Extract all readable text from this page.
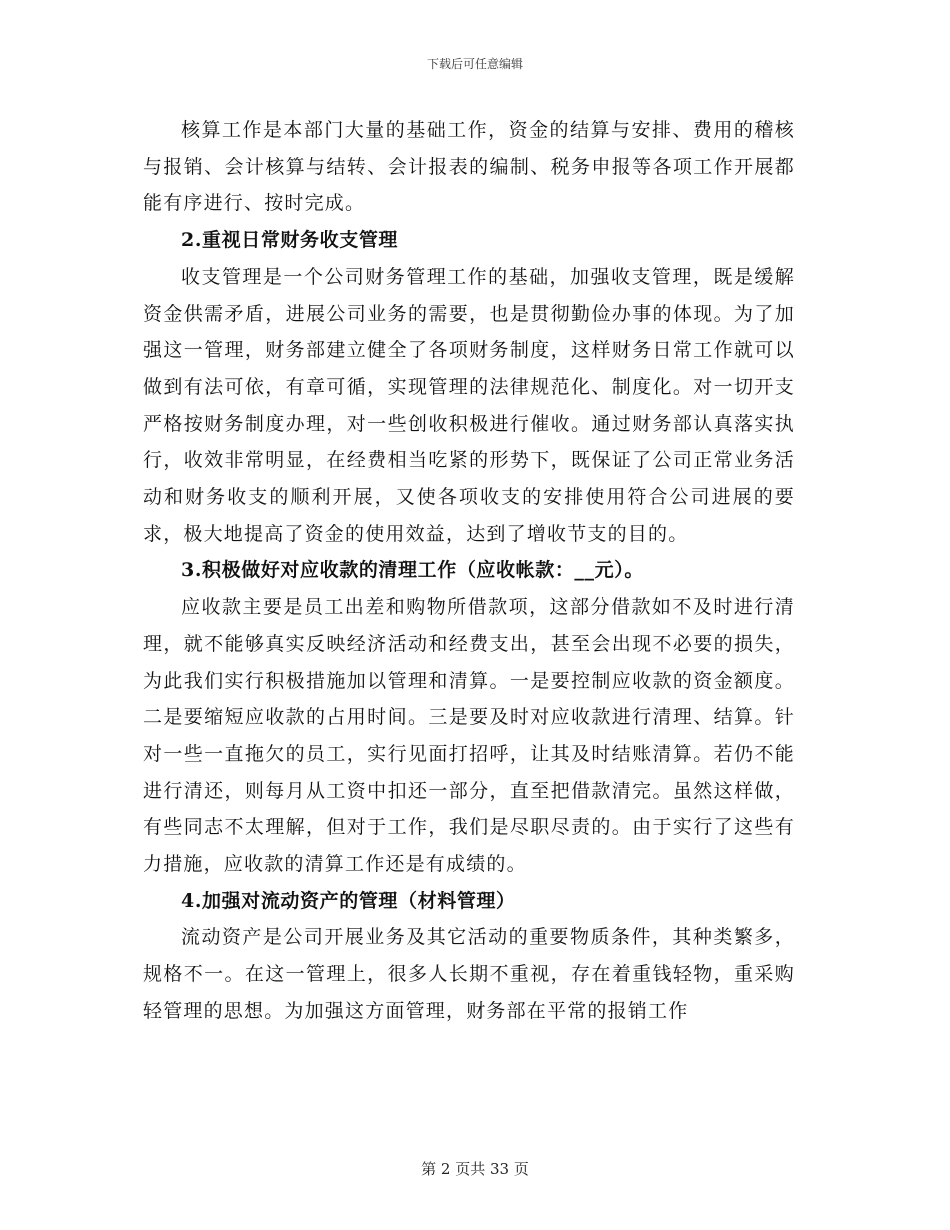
下载后可任意编辑

核算工作是本部门大量的基础工作，资金的结算与安排、费用的稽核与报销、会计核算与结转、会计报表的编制、税务申报等各项工作开展都能有序进行、按时完成。

2.重视日常财务收支管理

收支管理是一个公司财务管理工作的基础，加强收支管理，既是缓解资金供需矛盾，进展公司业务的需要，也是贯彻勤俭办事的体现。为了加强这一管理，财务部建立健全了各项财务制度，这样财务日常工作就可以做到有法可依，有章可循，实现管理的法律规范化、制度化。对一切开支严格按财务制度办理，对一些创收积极进行催收。通过财务部认真落实执行，收效非常明显，在经费相当吃紧的形势下，既保证了公司正常业务活动和财务收支的顺利开展，又使各项收支的安排使用符合公司进展的要求，极大地提高了资金的使用效益，达到了增收节支的目的。

3.积极做好对应收款的清理工作（应收帐款：__元）。

应收款主要是员工出差和购物所借款项，这部分借款如不及时进行清理，就不能够真实反映经济活动和经费支出，甚至会出现不必要的损失，为此我们实行积极措施加以管理和清算。一是要控制应收款的资金额度。二是要缩短应收款的占用时间。三是要及时对应收款进行清理、结算。针对一些一直拖欠的员工，实行见面打招呼，让其及时结账清算。若仍不能进行清还，则每月从工资中扣还一部分，直至把借款清完。虽然这样做，有些同志不太理解，但对于工作，我们是尽职尽责的。由于实行了这些有力措施，应收款的清算工作还是有成绩的。

4.加强对流动资产的管理（材料管理）

流动资产是公司开展业务及其它活动的重要物质条件，其种类繁多，规格不一。在这一管理上，很多人长期不重视，存在着重钱轻物，重采购轻管理的思想。为加强这方面管理，财务部在平常的报销工作

第 2 页共 33 页
